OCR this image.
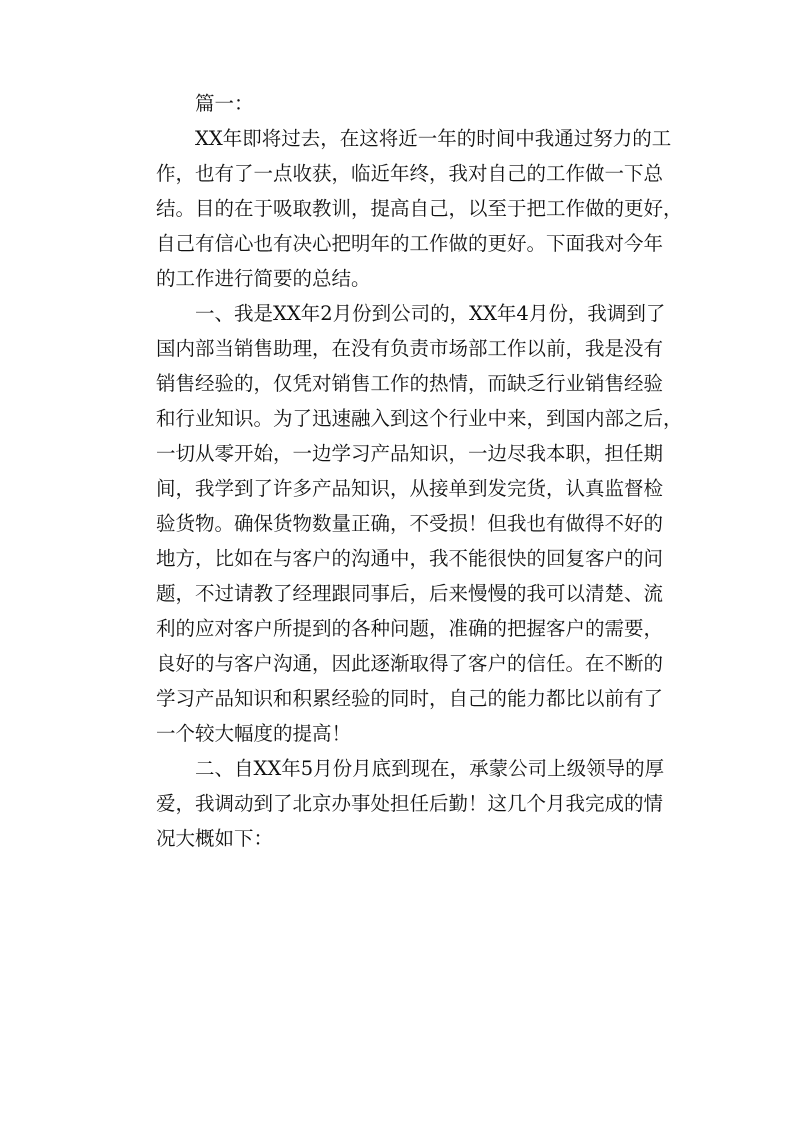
篇一：
XX年即将过去，在这将近一年的时间中我通过努力的工
作，也有了一点收获，临近年终，我对自己的工作做一下总
结。目的在于吸取教训，提高自己，以至于把工作做的更好，
自己有信心也有决心把明年的工作做的更好。下面我对今年
的工作进行简要的总结。
一、我是XX年2月份到公司的，XX年4月份，我调到了
国内部当销售助理，在没有负责市场部工作以前，我是没有
销售经验的，仅凭对销售工作的热情，而缺乏行业销售经验
和行业知识。为了迅速融入到这个行业中来，到国内部之后，
一切从零开始，一边学习产品知识，一边尽我本职，担任期
间，我学到了许多产品知识，从接单到发完货，认真监督检
验货物。确保货物数量正确，不受损！但我也有做得不好的
地方，比如在与客户的沟通中，我不能很快的回复客户的问
题，不过请教了经理跟同事后，后来慢慢的我可以清楚、流
利的应对客户所提到的各种问题，准确的把握客户的需要，
良好的与客户沟通，因此逐渐取得了客户的信任。在不断的
学习产品知识和积累经验的同时，自己的能力都比以前有了
一个较大幅度的提高！
二、自XX年5月份月底到现在，承蒙公司上级领导的厚
爱，我调动到了北京办事处担任后勤！这几个月我完成的情
况大概如下：
